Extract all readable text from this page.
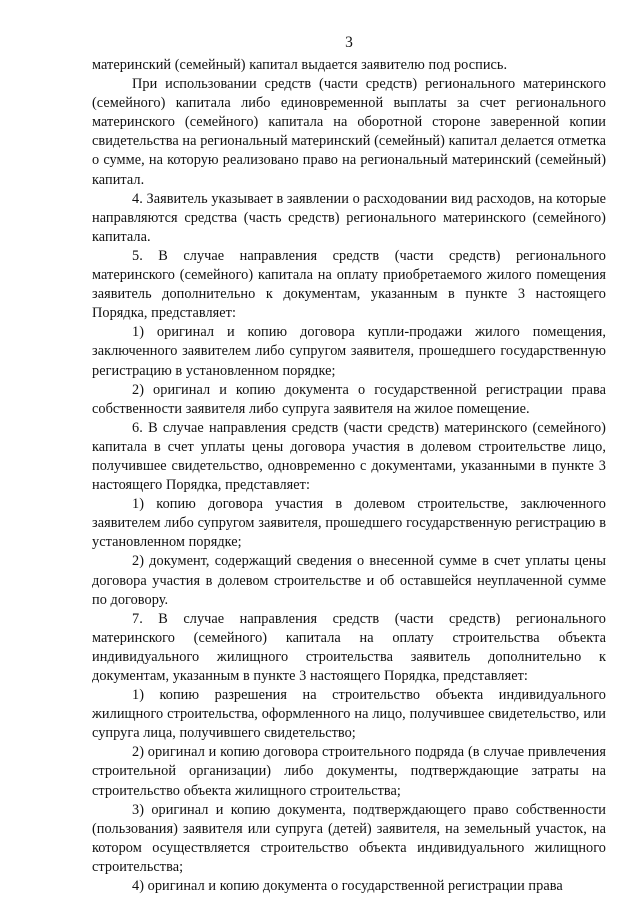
3

материнский (семейный) капитал выдается заявителю под роспись.

При использовании средств (части средств) регионального материнского (семейного) капитала либо единовременной выплаты за счет регионального материнского (семейного) капитала на оборотной стороне заверенной копии свидетельства на региональный материнский (семейный) капитал делается отметка о сумме, на которую реализовано право на региональный материнский (семейный) капитал.

4. Заявитель указывает в заявлении о расходовании вид расходов, на которые направляются средства (часть средств) регионального материнского (семейного) капитала.

5. В случае направления средств (части средств) регионального материнского (семейного) капитала на оплату приобретаемого жилого помещения заявитель дополнительно к документам, указанным в пункте 3 настоящего Порядка, представляет:

1) оригинал и копию договора купли-продажи жилого помещения, заключенного заявителем либо супругом заявителя, прошедшего государственную регистрацию в установленном порядке;

2) оригинал и копию документа о государственной регистрации права собственности заявителя либо супруга заявителя на жилое помещение.

6. В случае направления средств (части средств) материнского (семейного) капитала в счет уплаты цены договора участия в долевом строительстве лицо, получившее свидетельство, одновременно с документами, указанными в пункте 3 настоящего Порядка, представляет:

1) копию договора участия в долевом строительстве, заключенного заявителем либо супругом заявителя, прошедшего государственную регистрацию в установленном порядке;

2) документ, содержащий сведения о внесенной сумме в счет уплаты цены договора участия в долевом строительстве и об оставшейся неуплаченной сумме по договору.

7. В случае направления средств (части средств) регионального материнского (семейного) капитала на оплату строительства объекта индивидуального жилищного строительства заявитель дополнительно к документам, указанным в пункте 3 настоящего Порядка, представляет:

1) копию разрешения на строительство объекта индивидуального жилищного строительства, оформленного на лицо, получившее свидетельство, или супруга лица, получившего свидетельство;

2) оригинал и копию договора строительного подряда (в случае привлечения строительной организации) либо документы, подтверждающие затраты на строительство объекта жилищного строительства;

3) оригинал и копию документа, подтверждающего право собственности (пользования) заявителя или супруга (детей) заявителя, на земельный участок, на котором осуществляется строительство объекта индивидуального жилищного строительства;

4) оригинал и копию документа о государственной регистрации права
